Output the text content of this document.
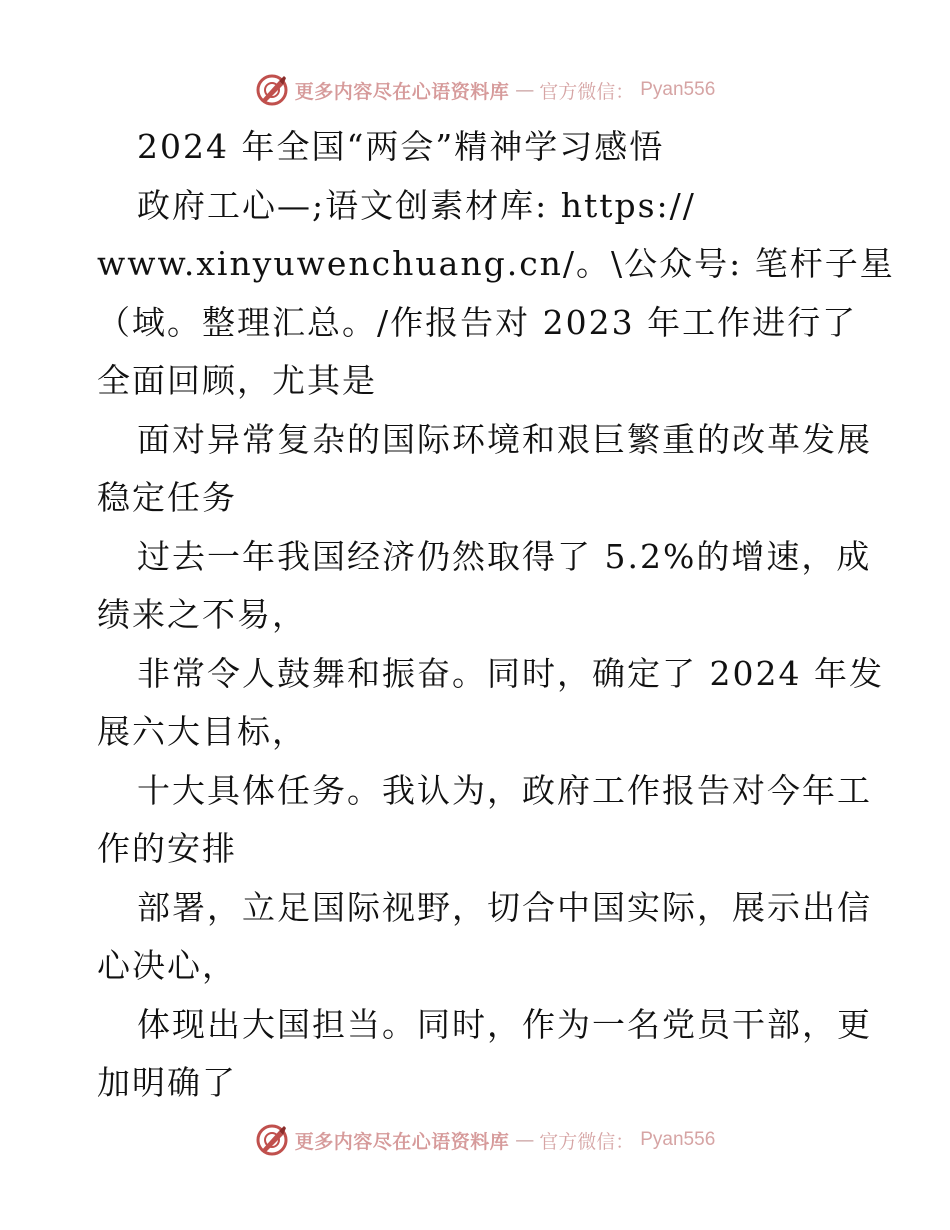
更多内容尽在心语资料库 — 官方微信： Pyan556
2024 年全国“两会”精神学习感悟
政府工心—;语文创素材库: https://
www.xinyuwenchuang.cn/。\公众号: 笔杆子星
（域。整理汇总。/作报告对 2023 年工作进行了
全面回顾，尤其是
面对异常复杂的国际环境和艰巨繁重的改革发展
稳定任务
过去一年我国经济仍然取得了 5.2%的增速，成
绩来之不易，
非常令人鼓舞和振奋。同时，确定了 2024 年发
展六大目标，
十大具体任务。我认为，政府工作报告对今年工
作的安排
部署，立足国际视野，切合中国实际，展示出信
心决心，
体现出大国担当。同时，作为一名党员干部，更
加明确了
更多内容尽在心语资料库 — 官方微信： Pyan556
